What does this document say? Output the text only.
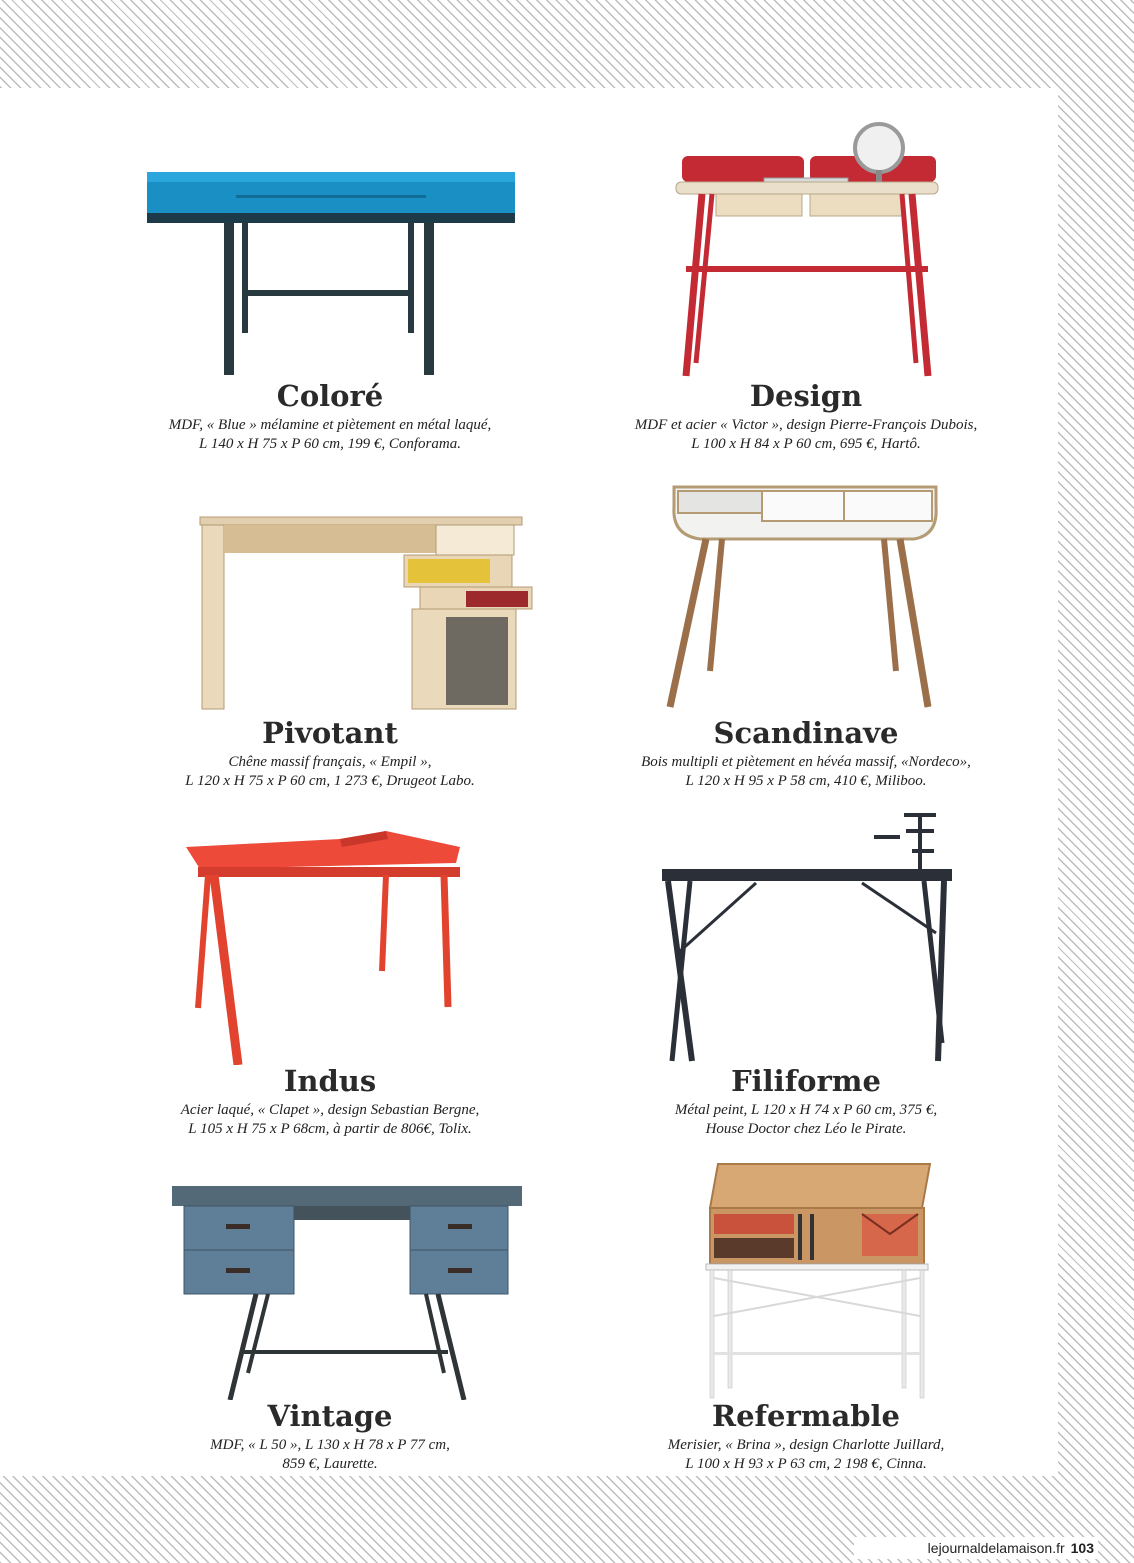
Coloré
MDF, « Blue » mélamine et piètement en métal laqué,
L 140 x H 75 x P 60 cm, 199 €, Conforama.
Design
MDF et acier « Victor », design Pierre-François Dubois,
L 100 x H 84 x P 60 cm, 695 €, Hartô.
Pivotant
Chêne massif français, « Empil »,
L 120 x H 75 x P 60 cm, 1 273 €, Drugeot Labo.
Scandinave
Bois multipli et piètement en hévéa massif, «Nordeco»,
L 120 x H 95 x P 58 cm, 410 €, Miliboo.
Indus
Acier laqué, « Clapet », design Sebastian Bergne,
L 105 x H 75 x P 68cm, à partir de 806€, Tolix.
Filiforme
Métal peint, L 120 x H 74 x P 60 cm, 375 €,
House Doctor chez Léo le Pirate.
Vintage
MDF, « L 50 », L 130 x H 78 x P 77 cm,
859 €, Laurette.
Refermable
Merisier, « Brina », design Charlotte Juillard,
L 100 x H 93 x P 63 cm, 2 198 €, Cinna.
lejournaldelamaison.fr 103
